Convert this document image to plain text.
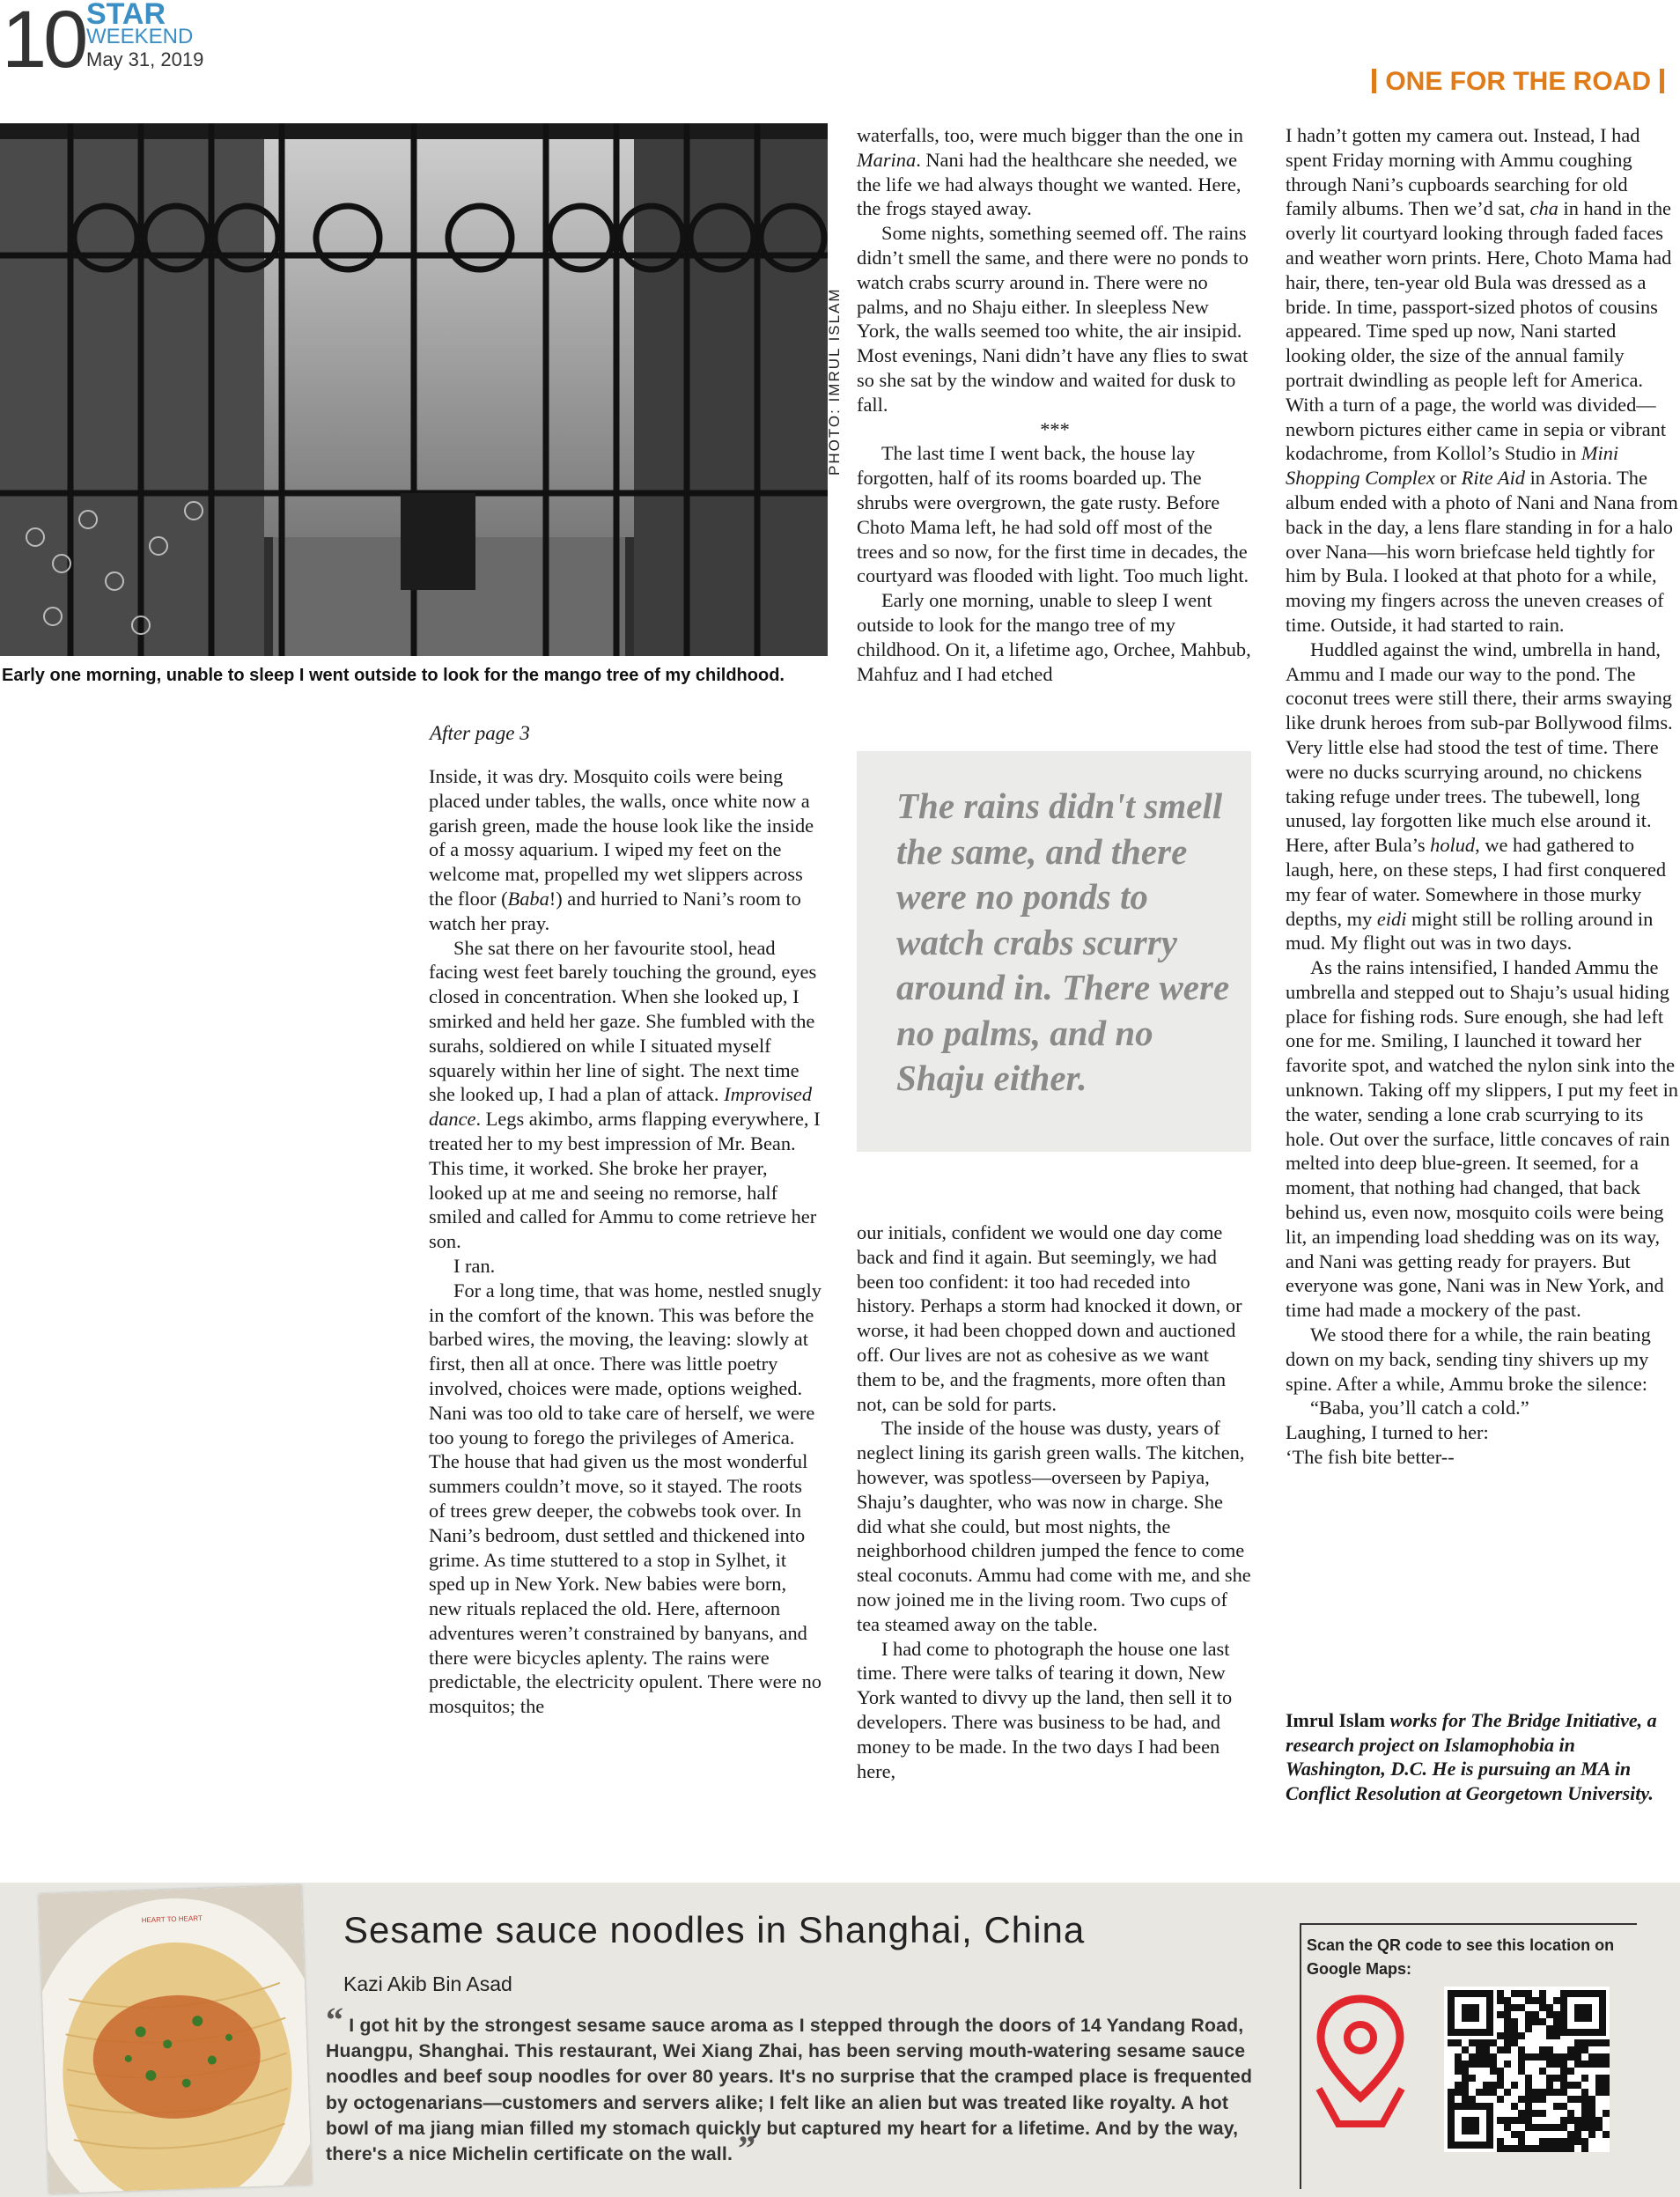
10 STAR
WEEKEND
May 31, 2019
ONE FOR THE ROAD
PHOTO: IMRUL ISLAM
Early one morning, unable to sleep I went outside to look for the mango tree of my childhood.
After page 3

Inside, it was dry. Mosquito coils were being placed under tables, the walls, once white now a garish green, made the house look like the inside of a mossy aquarium. I wiped my feet on the welcome mat, propelled my wet slippers across the floor (Baba!) and hurried to Nani’s room to watch her pray.

She sat there on her favourite stool, head facing west feet barely touching the ground, eyes closed in concentration. When she looked up, I smirked and held her gaze. She fumbled with the surahs, soldiered on while I situated myself squarely within her line of sight. The next time she looked up, I had a plan of attack. Improvised dance. Legs akimbo, arms flapping everywhere, I treated her to my best impression of Mr. Bean. This time, it worked. She broke her prayer, looked up at me and seeing no remorse, half smiled and called for Ammu to come retrieve her son.

I ran.

For a long time, that was home, nestled snugly in the comfort of the known. This was before the barbed wires, the moving, the leaving: slowly at first, then all at once. There was little poetry involved, choices were made, options weighed. Nani was too old to take care of herself, we were too young to forego the privileges of America. The house that had given us the most wonderful summers couldn’t move, so it stayed. The roots of trees grew deeper, the cobwebs took over. In Nani’s bedroom, dust settled and thickened into grime. As time stuttered to a stop in Sylhet, it sped up in New York. New babies were born, new rituals replaced the old. Here, afternoon adventures weren’t constrained by banyans, and there were bicycles aplenty. The rains were predictable, the electricity opulent. There were no mosquitos; the

waterfalls, too, were much bigger than the one in Marina. Nani had the healthcare she needed, we the life we had always thought we wanted. Here, the frogs stayed away.

Some nights, something seemed off. The rains didn’t smell the same, and there were no ponds to watch crabs scurry around in. There were no palms, and no Shaju either. In sleepless New York, the walls seemed too white, the air insipid. Most evenings, Nani didn’t have any flies to swat so she sat by the window and waited for dusk to fall.

***

The last time I went back, the house lay forgotten, half of its rooms boarded up. The shrubs were overgrown, the gate rusty. Before Choto Mama left, he had sold off most of the trees and so now, for the first time in decades, the courtyard was flooded with light. Too much light.

Early one morning, unable to sleep I went outside to look for the mango tree of my childhood. On it, a lifetime ago, Orchee, Mahbub, Mahfuz and I had etched

The rains didn't smell the same, and there were no ponds to watch crabs scurry around in. There were no palms, and no Shaju either.

our initials, confident we would one day come back and find it again. But seemingly, we had been too confident: it too had receded into history. Perhaps a storm had knocked it down, or worse, it had been chopped down and auctioned off. Our lives are not as cohesive as we want them to be, and the fragments, more often than not, can be sold for parts.

The inside of the house was dusty, years of neglect lining its garish green walls. The kitchen, however, was spotless—overseen by Papiya, Shaju’s daughter, who was now in charge. She did what she could, but most nights, the neighborhood children jumped the fence to come steal coconuts. Ammu had come with me, and she now joined me in the living room. Two cups of tea steamed away on the table.

I had come to photograph the house one last time. There were talks of tearing it down, New York wanted to divvy up the land, then sell it to developers. There was business to be had, and money to be made. In the two days I had been here,

I hadn’t gotten my camera out. Instead, I had spent Friday morning with Ammu coughing through Nani’s cupboards searching for old family albums. Then we’d sat, cha in hand in the overly lit courtyard looking through faded faces and weather worn prints. Here, Choto Mama had hair, there, ten-year old Bula was dressed as a bride. In time, passport-sized photos of cousins appeared. Time sped up now, Nani started looking older, the size of the annual family portrait dwindling as people left for America. With a turn of a page, the world was divided—newborn pictures either came in sepia or vibrant kodachrome, from Kollol’s Studio in Mini Shopping Complex or Rite Aid in Astoria. The album ended with a photo of Nani and Nana from back in the day, a lens flare standing in for a halo over Nana—his worn briefcase held tightly for him by Bula. I looked at that photo for a while, moving my fingers across the uneven creases of time. Outside, it had started to rain.

Huddled against the wind, umbrella in hand, Ammu and I made our way to the pond. The coconut trees were still there, their arms swaying like drunk heroes from sub-par Bollywood films. Very little else had stood the test of time. There were no ducks scurrying around, no chickens taking refuge under trees. The tubewell, long unused, lay forgotten like much else around it. Here, after Bula’s holud, we had gathered to laugh, here, on these steps, I had first conquered my fear of water. Somewhere in those murky depths, my eidi might still be rolling around in mud. My flight out was in two days.

As the rains intensified, I handed Ammu the umbrella and stepped out to Shaju’s usual hiding place for fishing rods. Sure enough, she had left one for me. Smiling, I launched it toward her favorite spot, and watched the nylon sink into the unknown. Taking off my slippers, I put my feet in the water, sending a lone crab scurrying to its hole. Out over the surface, little concaves of rain melted into deep blue-green. It seemed, for a moment, that nothing had changed, that back behind us, even now, mosquito coils were being lit, an impending load shedding was on its way, and Nani was getting ready for prayers. But everyone was gone, Nani was in New York, and time had made a mockery of the past.

We stood there for a while, the rain beating down on my back, sending tiny shivers up my spine. After a while, Ammu broke the silence:

“Baba, you’ll catch a cold.”

Laughing, I turned to her:

‘The fish bite better--

Imrul Islam works for The Bridge Initiative, a research project on Islamophobia in Washington, D.C. He is pursuing an MA in Conflict Resolution at Georgetown University.
HEART TO HEART	Sesame sauce noodles in Shanghai, China
Kazi Akib Bin Asad
“ I got hit by the strongest sesame sauce aroma as I stepped through the doors of 14 Yandang Road, Huangpu, Shanghai. This restaurant, Wei Xiang Zhai, has been serving mouth-watering sesame sauce noodles and beef soup noodles for over 80 years. It's no surprise that the cramped place is frequented by octogenarians—customers and servers alike; I felt like an alien but was treated like royalty. A hot bowl of ma jiang mian filled my stomach quickly but captured my heart for a lifetime. And by the way, there's a nice Michelin certificate on the wall. ”
Scan the QR code to see this location on Google Maps:
